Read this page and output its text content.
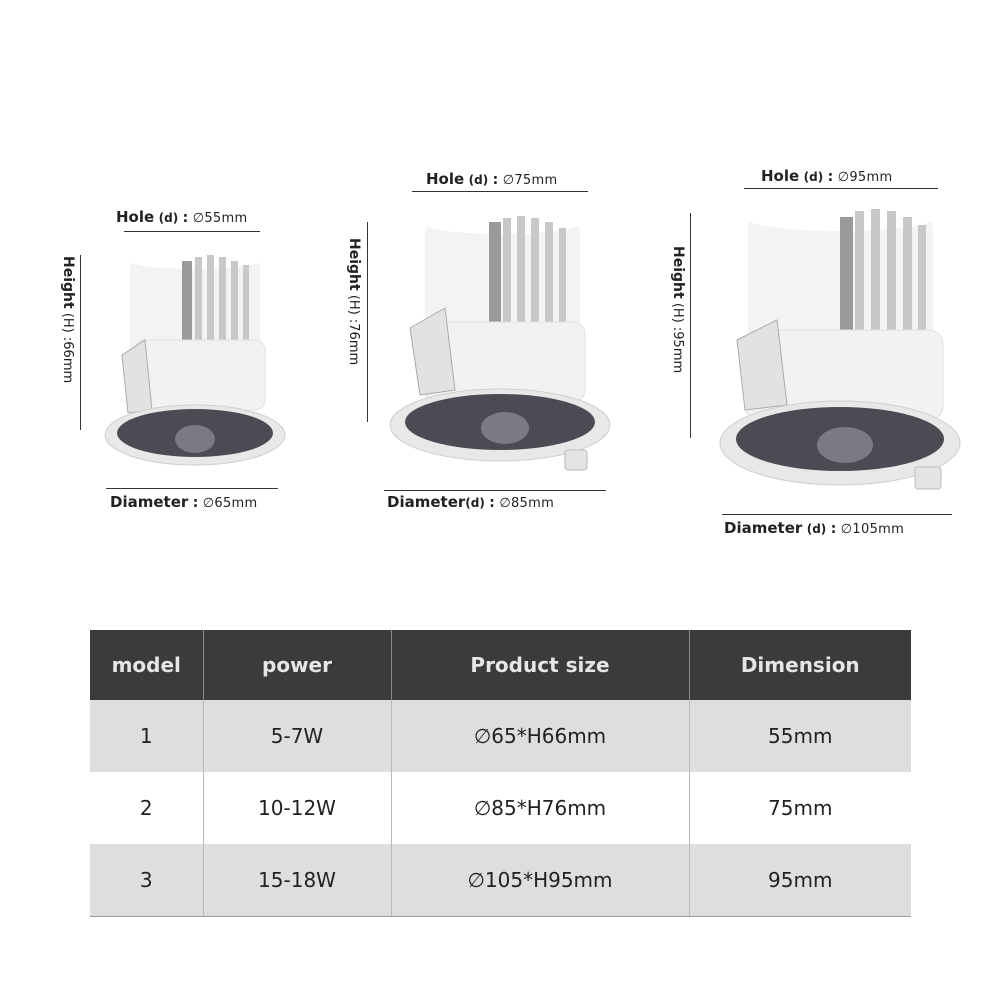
Hole (d) : ∅55mm
Height (H) :66mm
Diameter : ∅65mm
Hole (d) : ∅75mm
Height (H) :76mm
Diameter(d) : ∅85mm
Hole (d) : ∅95mm
Height (H) :95mm
Diameter (d) : ∅105mm
model	power	Product size	Dimension
1	5-7W	∅65*H66mm	55mm
2	10-12W	∅85*H76mm	75mm
3	15-18W	∅105*H95mm	95mm
